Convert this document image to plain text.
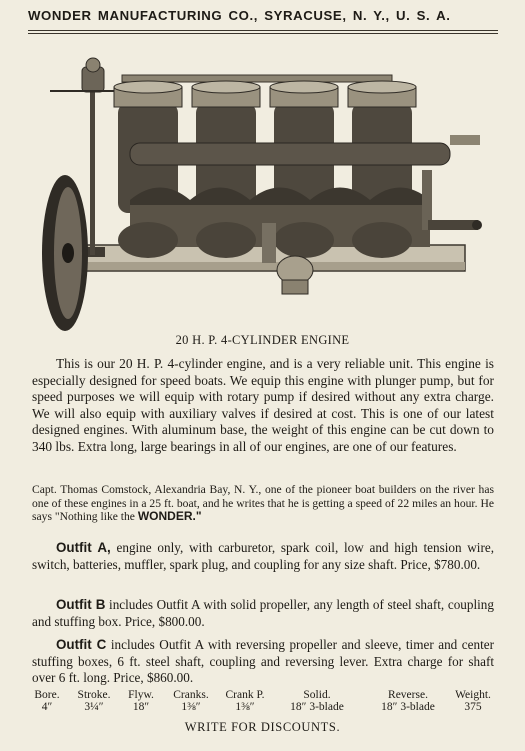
WONDER MANUFACTURING CO., SYRACUSE, N. Y., U. S. A.
20 H. P. 4-CYLINDER ENGINE
This is our 20 H. P. 4-cylinder engine, and is a very reliable unit. This engine is especially designed for speed boats. We equip this engine with plunger pump, but for speed purposes we will equip with rotary pump if desired without any extra charge. We will also equip with auxiliary valves if desired at cost. This is one of our latest designed engines. With aluminum base, the weight of this engine can be cut down to 340 lbs. Extra long, large bearings in all of our engines, are one of our features.
Capt. Thomas Comstock, Alexandria Bay, N. Y., one of the pioneer boat builders on the river has one of these engines in a 25 ft. boat, and he writes that he is getting a speed of 22 miles an hour. He says "Nothing like the WONDER."
Outfit A, engine only, with carburetor, spark coil, low and high tension wire, switch, batteries, muffler, spark plug, and coupling for any size shaft. Price, $780.00.
Outfit B includes Outfit A with solid propeller, any length of steel shaft, coupling and stuffing box. Price, $800.00.
Outfit C includes Outfit A with reversing propeller and sleeve, timer and center stuffing boxes, 6 ft. steel shaft, coupling and reversing lever. Extra charge for shaft over 6 ft. long. Price, $860.00.
Bore.
4″
Stroke.
3¼″
Flyw.
18″
Cranks.
1⅜″
Crank P.
1⅜″
Solid.
18″ 3-blade
Reverse.
18″ 3-blade
Weight.
375
WRITE FOR DISCOUNTS.
